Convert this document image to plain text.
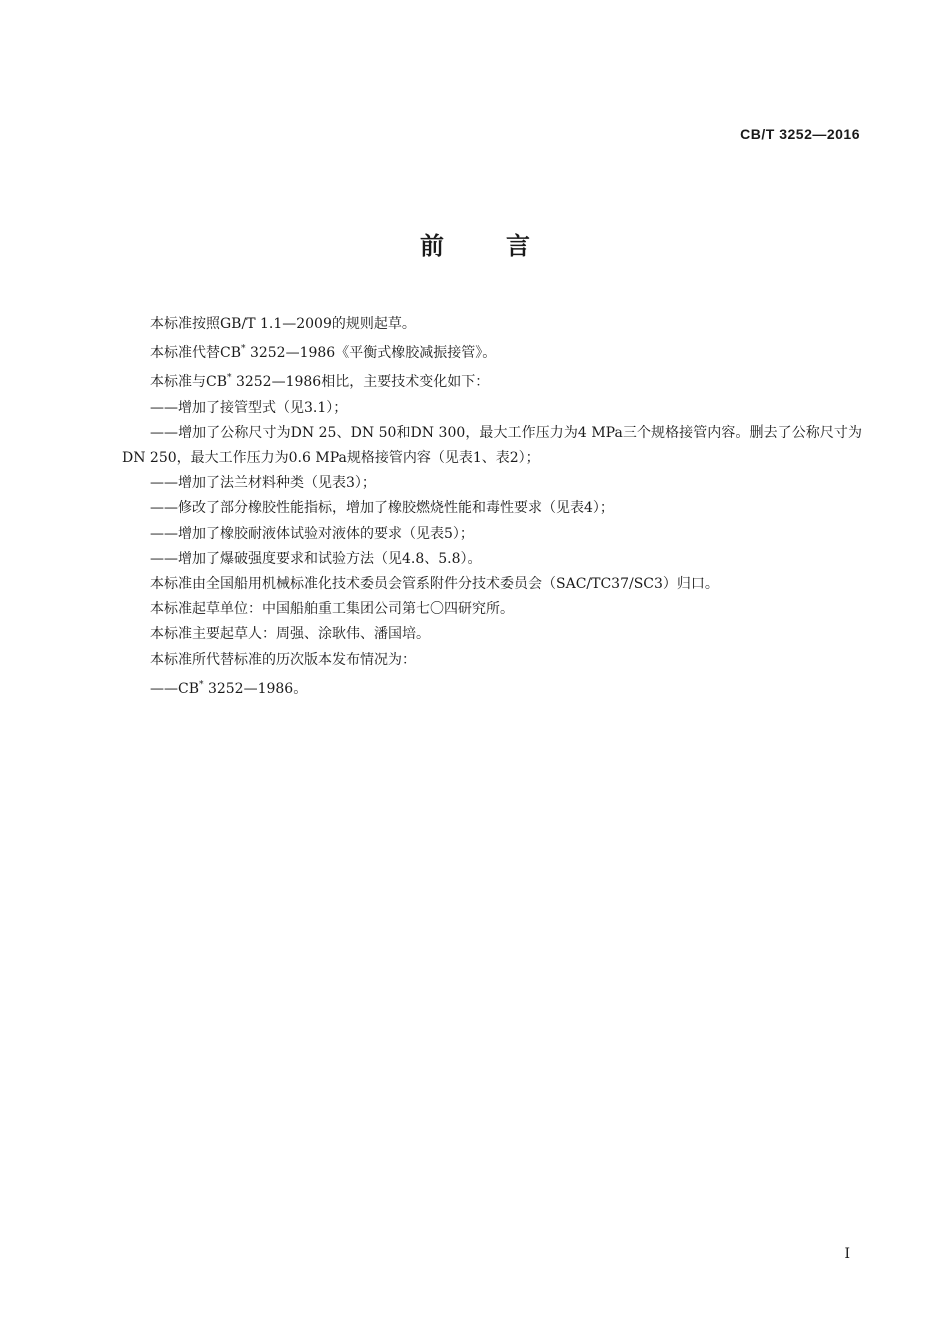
CB/T 3252—2016
前	言

本标准按照GB/T 1.1—2009的规则起草。

本标准代替CB* 3252—1986《平衡式橡胶减振接管》。

本标准与CB* 3252—1986相比，主要技术变化如下：

——增加了接管型式（见3.1）；

——增加了公称尺寸为DN 25、DN 50和DN 300，最大工作压力为4 MPa三个规格接管内容。删去了公称尺寸为DN 250，最大工作压力为0.6 MPa规格接管内容（见表1、表2）；

——增加了法兰材料种类（见表3）；

——修改了部分橡胶性能指标，增加了橡胶燃烧性能和毒性要求（见表4）；

——增加了橡胶耐液体试验对液体的要求（见表5）；

——增加了爆破强度要求和试验方法（见4.8、5.8）。

本标准由全国船用机械标准化技术委员会管系附件分技术委员会（SAC/TC37/SC3）归口。

本标准起草单位：中国船舶重工集团公司第七〇四研究所。

本标准主要起草人：周强、涂耿伟、潘国培。

本标准所代替标准的历次版本发布情况为：

——CB* 3252—1986。

I
